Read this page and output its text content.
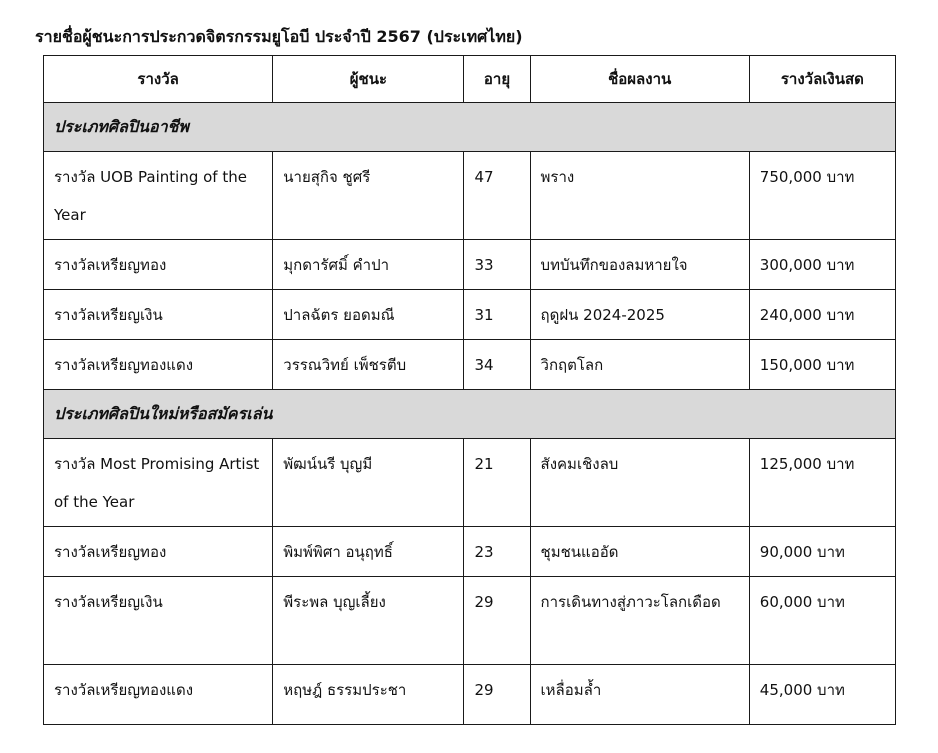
รายชื่อผู้ชนะการประกวดจิตรกรรมยูโอบี ประจำปี 2567 (ประเทศไทย)
รางวัล	ผู้ชนะ	อายุ	ชื่อผลงาน	รางวัลเงินสด
ประเภทศิลปินอาชีพ				
รางวัล UOB Painting of the Year	นายสุกิจ ชูศรี	47	พราง	750,000 บาท
รางวัลเหรียญทอง	มุกดารัศมิ์ คำปา	33	บทบันทึกของลมหายใจ	300,000 บาท
รางวัลเหรียญเงิน	ปาลฉัตร ยอดมณี	31	ฤดูฝน 2024-2025	240,000 บาท
รางวัลเหรียญทองแดง	วรรณวิทย์ เพ็ชรตีบ	34	วิกฤตโลก	150,000 บาท
ประเภทศิลปินใหม่หรือสมัครเล่น				
รางวัล Most Promising Artist of the Year	พัฒน์นรี บุญมี	21	สังคมเชิงลบ	125,000 บาท
รางวัลเหรียญทอง	พิมพ์พิศา อนุฤทธิ์	23	ชุมชนแออัด	90,000 บาท
รางวัลเหรียญเงิน	พีระพล บุญเลี้ยง	29	การเดินทางสู่ภาวะโลกเดือด	60,000 บาท
รางวัลเหรียญทองแดง	หฤษฎ์ ธรรมประชา	29	เหลื่อมล้ำ	45,000 บาท
